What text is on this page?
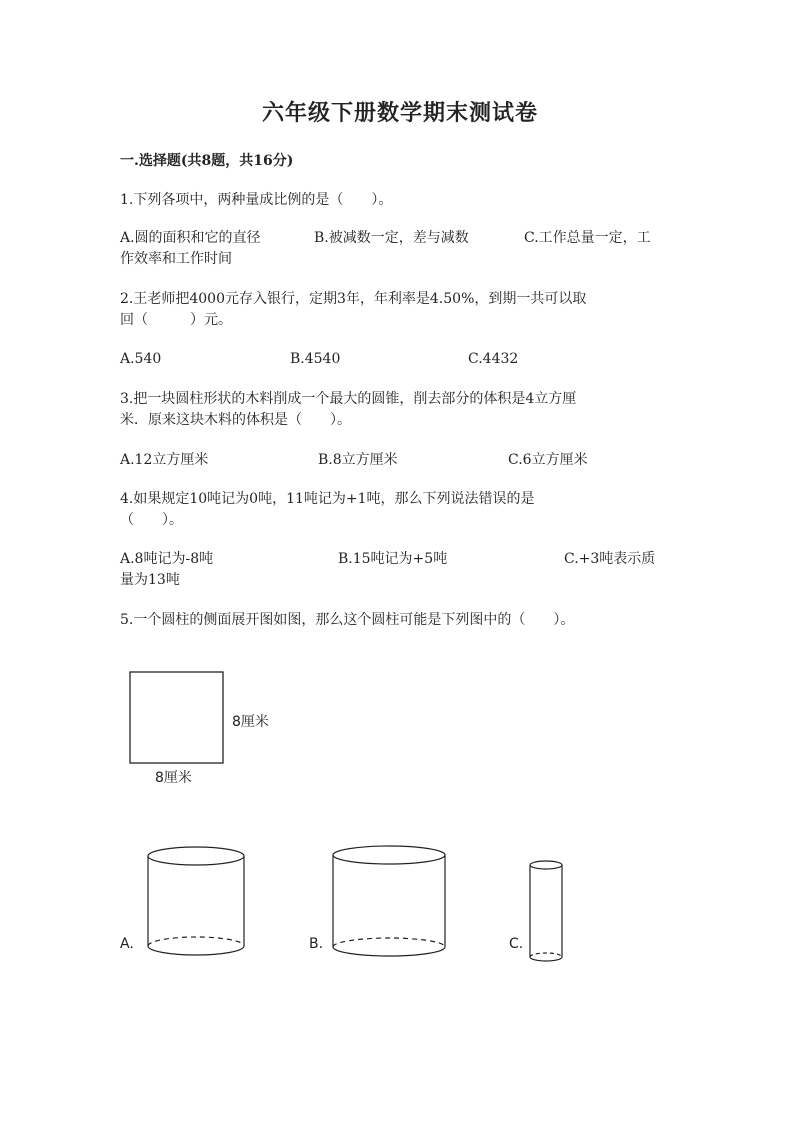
六年级下册数学期末测试卷
一.选择题(共8题，共16分)
1.下列各项中，两种量成比例的是（　　）。
A.圆的面积和它的直径	B.被减数一定，差与减数	C.工作总量一定，工
作效率和工作时间
2.王老师把4000元存入银行，定期3年，年利率是4.50%，到期一共可以取
回（　　　）元。
A.540	B.4540	C.4432
3.把一块圆柱形状的木料削成一个最大的圆锥，削去部分的体积是4立方厘
米．原来这块木料的体积是（　　）。
A.12立方厘米	B.8立方厘米	C.6立方厘米
4.如果规定10吨记为0吨，11吨记为+1吨，那么下列说法错误的是
（　　）。
A.8吨记为-8吨	B.15吨记为+5吨	C.+3吨表示质
量为13吨
5.一个圆柱的侧面展开图如图，那么这个圆柱可能是下列图中的（　　）。
8厘米
8厘米
A.	B.	C.
